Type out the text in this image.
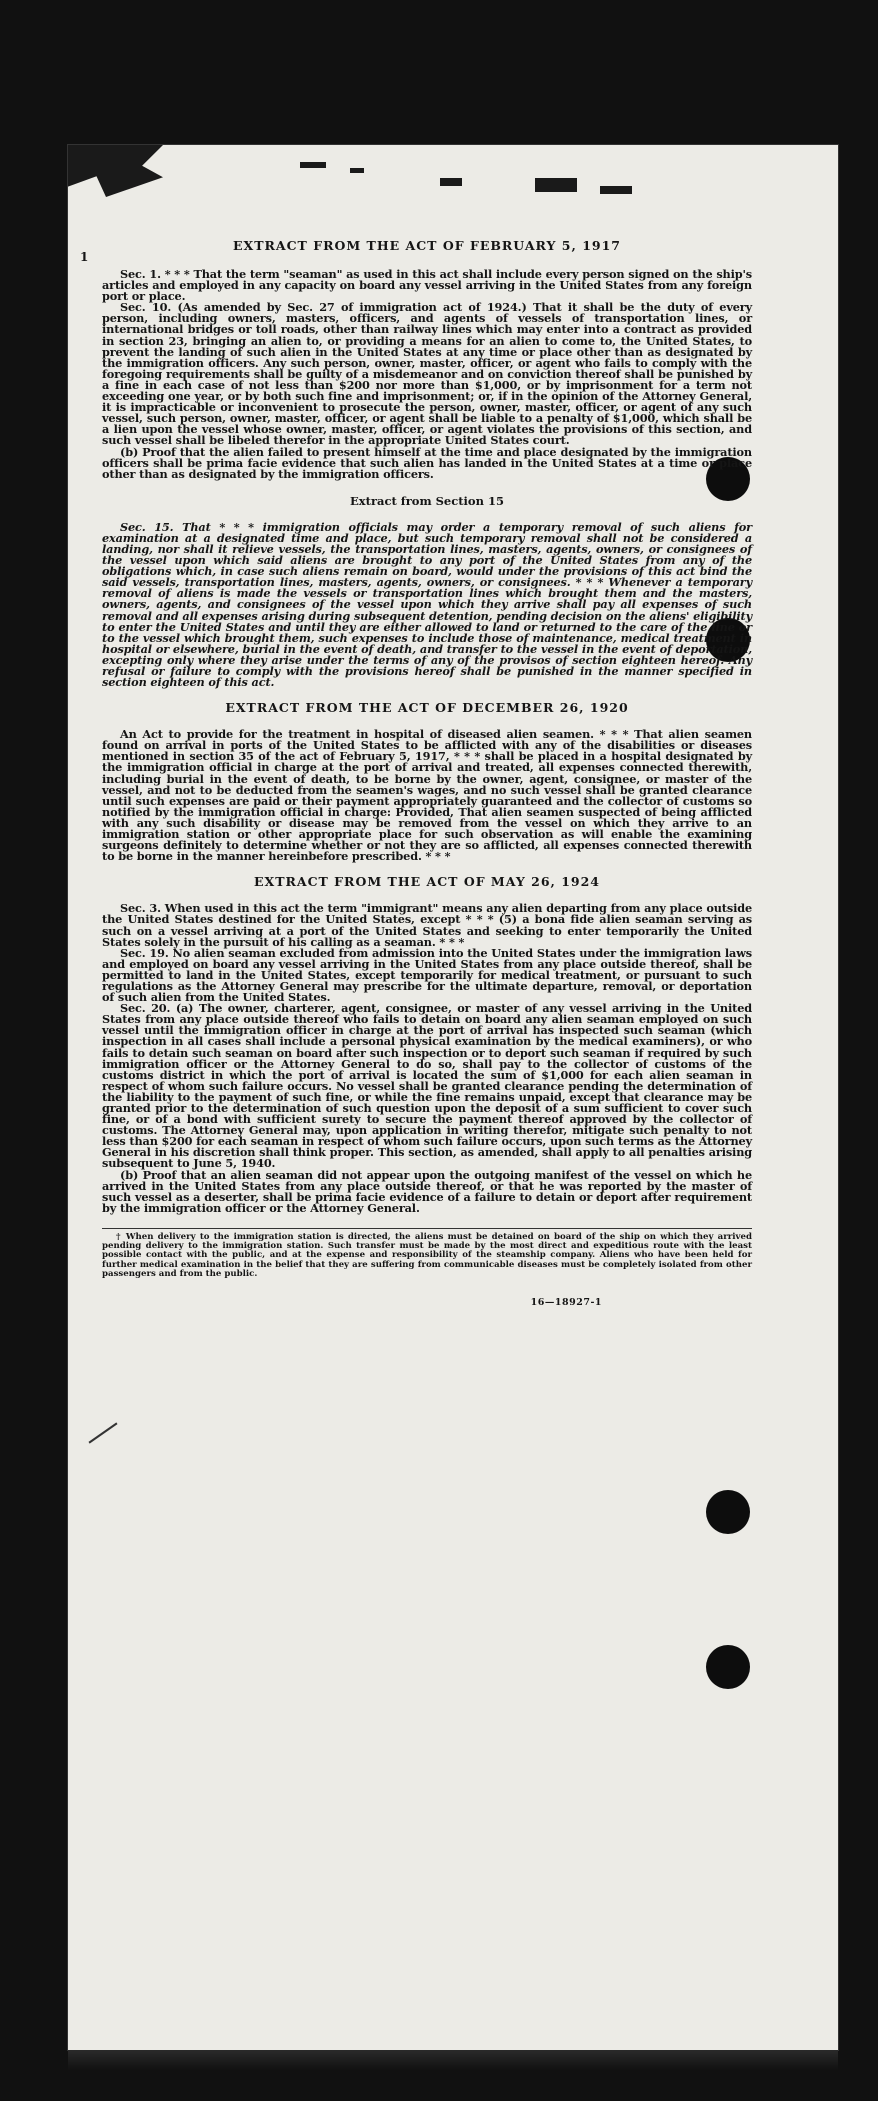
1
EXTRACT FROM THE ACT OF FEBRUARY 5, 1917

Sec. 1. * * * That the term "seaman" as used in this act shall include every person signed on the ship's articles and employed in any capacity on board any vessel arriving in the United States from any foreign port or place.

Sec. 10. (As amended by Sec. 27 of immigration act of 1924.) That it shall be the duty of every person, including owners, masters, officers, and agents of vessels of transportation lines, or international bridges or toll roads, other than railway lines which may enter into a contract as provided in section 23, bringing an alien to, or providing a means for an alien to come to, the United States, to prevent the landing of such alien in the United States at any time or place other than as designated by the immigration officers. Any such person, owner, master, officer, or agent who fails to comply with the foregoing requirements shall be guilty of a misdemeanor and on conviction thereof shall be punished by a fine in each case of not less than $200 nor more than $1,000, or by imprisonment for a term not exceeding one year, or by both such fine and imprisonment; or, if in the opinion of the Attorney General, it is impracticable or inconvenient to prosecute the person, owner, master, officer, or agent of any such vessel, such person, owner, master, officer, or agent shall be liable to a penalty of $1,000, which shall be a lien upon the vessel whose owner, master, officer, or agent violates the provisions of this section, and such vessel shall be libeled therefor in the appropriate United States court.

(b) Proof that the alien failed to present himself at the time and place designated by the immigration officers shall be prima facie evidence that such alien has landed in the United States at a time or place other than as designated by the immigration officers.

Extract from Section 15

Sec. 15. That * * * immigration officials may order a temporary removal of such aliens for examination at a designated time and place, but such temporary removal shall not be considered a landing, nor shall it relieve vessels, the transportation lines, masters, agents, owners, or consignees of the vessel upon which said aliens are brought to any port of the United States from any of the obligations which, in case such aliens remain on board, would under the provisions of this act bind the said vessels, transportation lines, masters, agents, owners, or consignees. * * * Whenever a temporary removal of aliens is made the vessels or transportation lines which brought them and the masters, owners, agents, and consignees of the vessel upon which they arrive shall pay all expenses of such removal and all expenses arising during subsequent detention, pending decision on the aliens' eligibility to enter the United States and until they are either allowed to land or returned to the care of the line or to the vessel which brought them, such expenses to include those of maintenance, medical treatment in hospital or elsewhere, burial in the event of death, and transfer to the vessel in the event of deportation, excepting only where they arise under the terms of any of the provisos of section eighteen hereof. Any refusal or failure to comply with the provisions hereof shall be punished in the manner specified in section eighteen of this act.

EXTRACT FROM THE ACT OF DECEMBER 26, 1920

An Act to provide for the treatment in hospital of diseased alien seamen. * * * That alien seamen found on arrival in ports of the United States to be afflicted with any of the disabilities or diseases mentioned in section 35 of the act of February 5, 1917, * * * shall be placed in a hospital designated by the immigration official in charge at the port of arrival and treated, all expenses connected therewith, including burial in the event of death, to be borne by the owner, agent, consignee, or master of the vessel, and not to be deducted from the seamen's wages, and no such vessel shall be granted clearance until such expenses are paid or their payment appropriately guaranteed and the collector of customs so notified by the immigration official in charge: Provided, That alien seamen suspected of being afflicted with any such disability or disease may be removed from the vessel on which they arrive to an immigration station or other appropriate place for such observation as will enable the examining surgeons definitely to determine whether or not they are so afflicted, all expenses connected therewith to be borne in the manner hereinbefore prescribed. * * *

EXTRACT FROM THE ACT OF MAY 26, 1924

Sec. 3. When used in this act the term "immigrant" means any alien departing from any place outside the United States destined for the United States, except * * * (5) a bona fide alien seaman serving as such on a vessel arriving at a port of the United States and seeking to enter temporarily the United States solely in the pursuit of his calling as a seaman. * * *

Sec. 19. No alien seaman excluded from admission into the United States under the immigration laws and employed on board any vessel arriving in the United States from any place outside thereof, shall be permitted to land in the United States, except temporarily for medical treatment, or pursuant to such regulations as the Attorney General may prescribe for the ultimate departure, removal, or deportation of such alien from the United States.

Sec. 20. (a) The owner, charterer, agent, consignee, or master of any vessel arriving in the United States from any place outside thereof who fails to detain on board any alien seaman employed on such vessel until the immigration officer in charge at the port of arrival has inspected such seaman (which inspection in all cases shall include a personal physical examination by the medical examiners), or who fails to detain such seaman on board after such inspection or to deport such seaman if required by such immigration officer or the Attorney General to do so, shall pay to the collector of customs of the customs district in which the port of arrival is located the sum of $1,000 for each alien seaman in respect of whom such failure occurs. No vessel shall be granted clearance pending the determination of the liability to the payment of such fine, or while the fine remains unpaid, except that clearance may be granted prior to the determination of such question upon the deposit of a sum sufficient to cover such fine, or of a bond with sufficient surety to secure the payment thereof approved by the collector of customs. The Attorney General may, upon application in writing therefor, mitigate such penalty to not less than $200 for each seaman in respect of whom such failure occurs, upon such terms as the Attorney General in his discretion shall think proper. This section, as amended, shall apply to all penalties arising subsequent to June 5, 1940.

(b) Proof that an alien seaman did not appear upon the outgoing manifest of the vessel on which he arrived in the United States from any place outside thereof, or that he was reported by the master of such vessel as a deserter, shall be prima facie evidence of a failure to detain or deport after requirement by the immigration officer or the Attorney General.

† When delivery to the immigration station is directed, the aliens must be detained on board of the ship on which they arrived pending delivery to the immigration station. Such transfer must be made by the most direct and expeditious route with the least possible contact with the public, and at the expense and responsibility of the steamship company. Aliens who have been held for further medical examination in the belief that they are suffering from communicable diseases must be completely isolated from other passengers and from the public.

16—18927-1
